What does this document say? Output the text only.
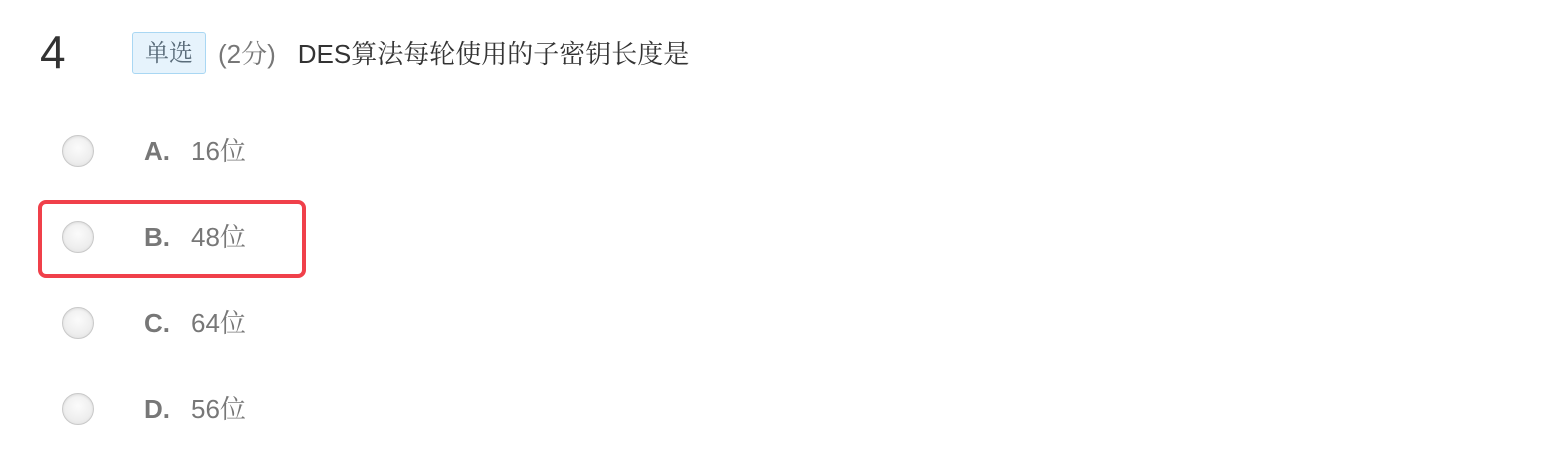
4	单选 (2分) DES算法每轮使用的子密钥长度是
A. 16位
B. 48位
C. 64位
D. 56位
